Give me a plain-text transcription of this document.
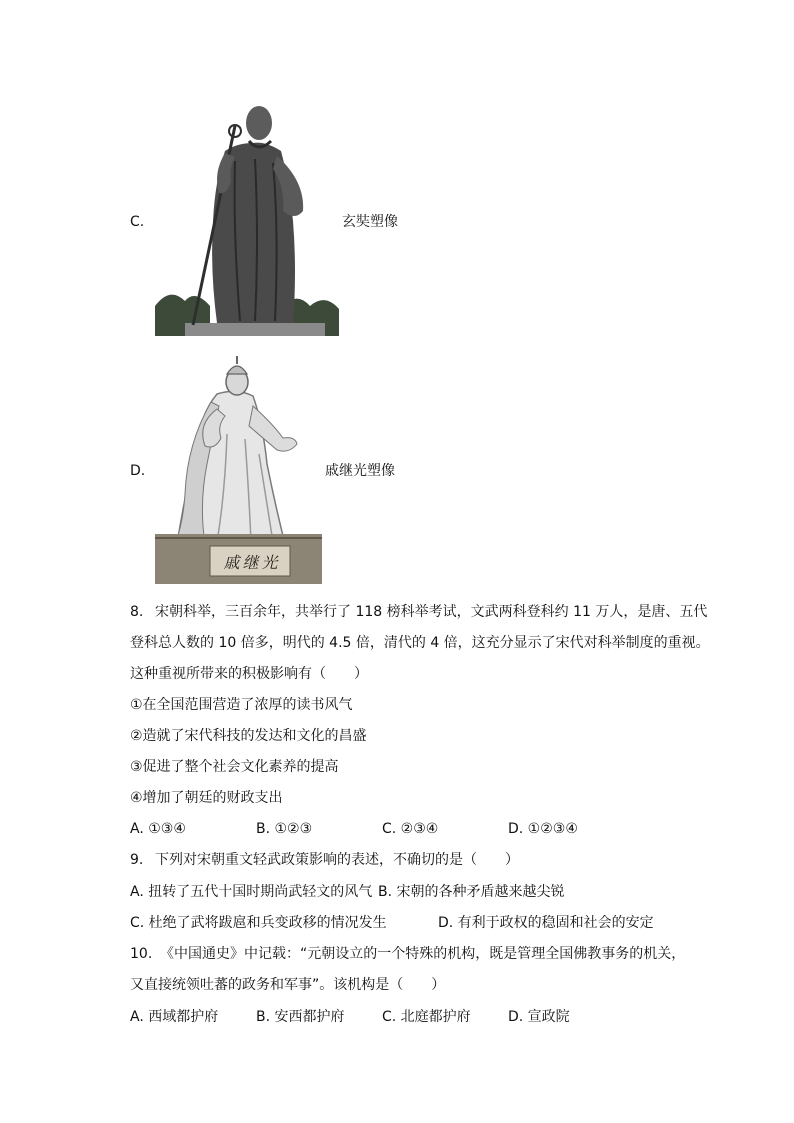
C.	玄奘塑像
D.
戚继光
戚继光塑像
8. 宋朝科举，三百余年，共举行了 118 榜科举考试，文武两科登科约 11 万人，是唐、五代
登科总人数的 10 倍多，明代的 4.5 倍，清代的 4 倍，这充分显示了宋代对科举制度的重视。
这种重视所带来的积极影响有（　　）
①在全国范围营造了浓厚的读书风气
②造就了宋代科技的发达和文化的昌盛
③促进了整个社会文化素养的提高
④增加了朝廷的财政支出
A. ①③④	B. ①②③	C. ②③④	D. ①②③④
9. 下列对宋朝重文轻武政策影响的表述，不确切的是（　　）
A. 扭转了五代十国时期尚武轻文的风气 B. 宋朝的各种矛盾越来越尖锐
C. 杜绝了武将跋扈和兵变政移的情况发生	D. 有利于政权的稳固和社会的安定
10. 《中国通史》中记载：“元朝设立的一个特殊的机构，既是管理全国佛教事务的机关，
又直接统领吐蕃的政务和军事”。该机构是（　　）
A. 西域都护府	B. 安西都护府	C. 北庭都护府	D. 宣政院
